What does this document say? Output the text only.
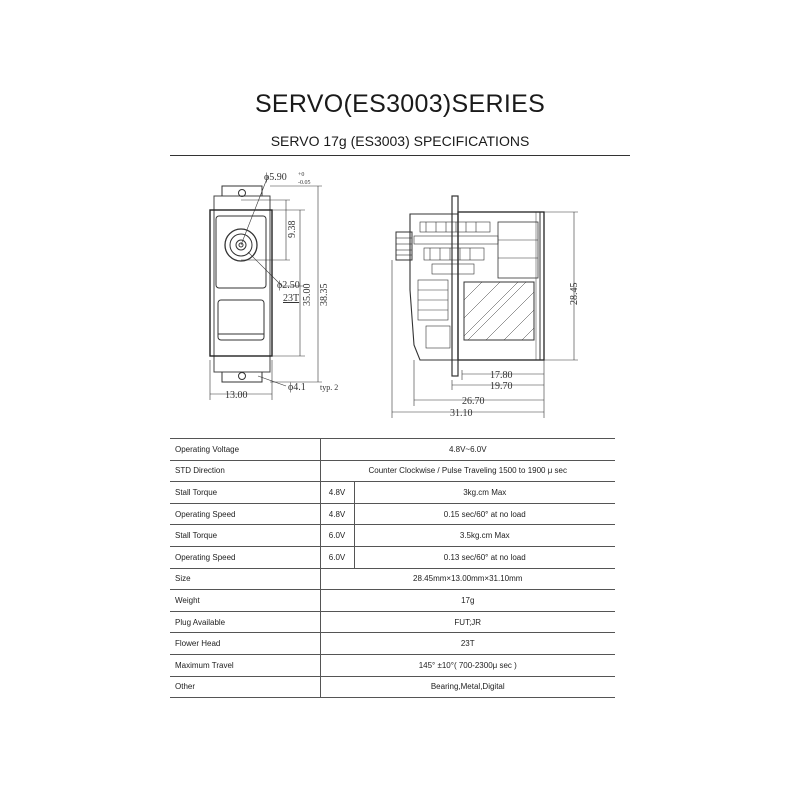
SERVO(ES3003)SERIES
SERVO 17g (ES3003) SPECIFICATIONS
ϕ5.90 +0
-0.05
9.38
ϕ2.50
23T 35.00 38.35
13.00
ϕ4.1 typ. 2
28.45
17.80
19.70
26.70
31.10
Operating Voltage	4.8V~6.0V	
STD Direction	Counter Clockwise / Pulse Traveling 1500 to 1900 μ sec	
Stall Torque	4.8V	3kg.cm Max
Operating Speed	4.8V	0.15 sec/60° at no load
Stall Torque	6.0V	3.5kg.cm Max
Operating Speed	6.0V	0.13 sec/60° at no load
Size	28.45mm×13.00mm×31.10mm	
Weight	17g	
Plug Available	FUT;JR	
Flower Head	23T	
Maximum Travel	145° ±10°( 700-2300μ sec )	
Other	Bearing,Metal,Digital	
